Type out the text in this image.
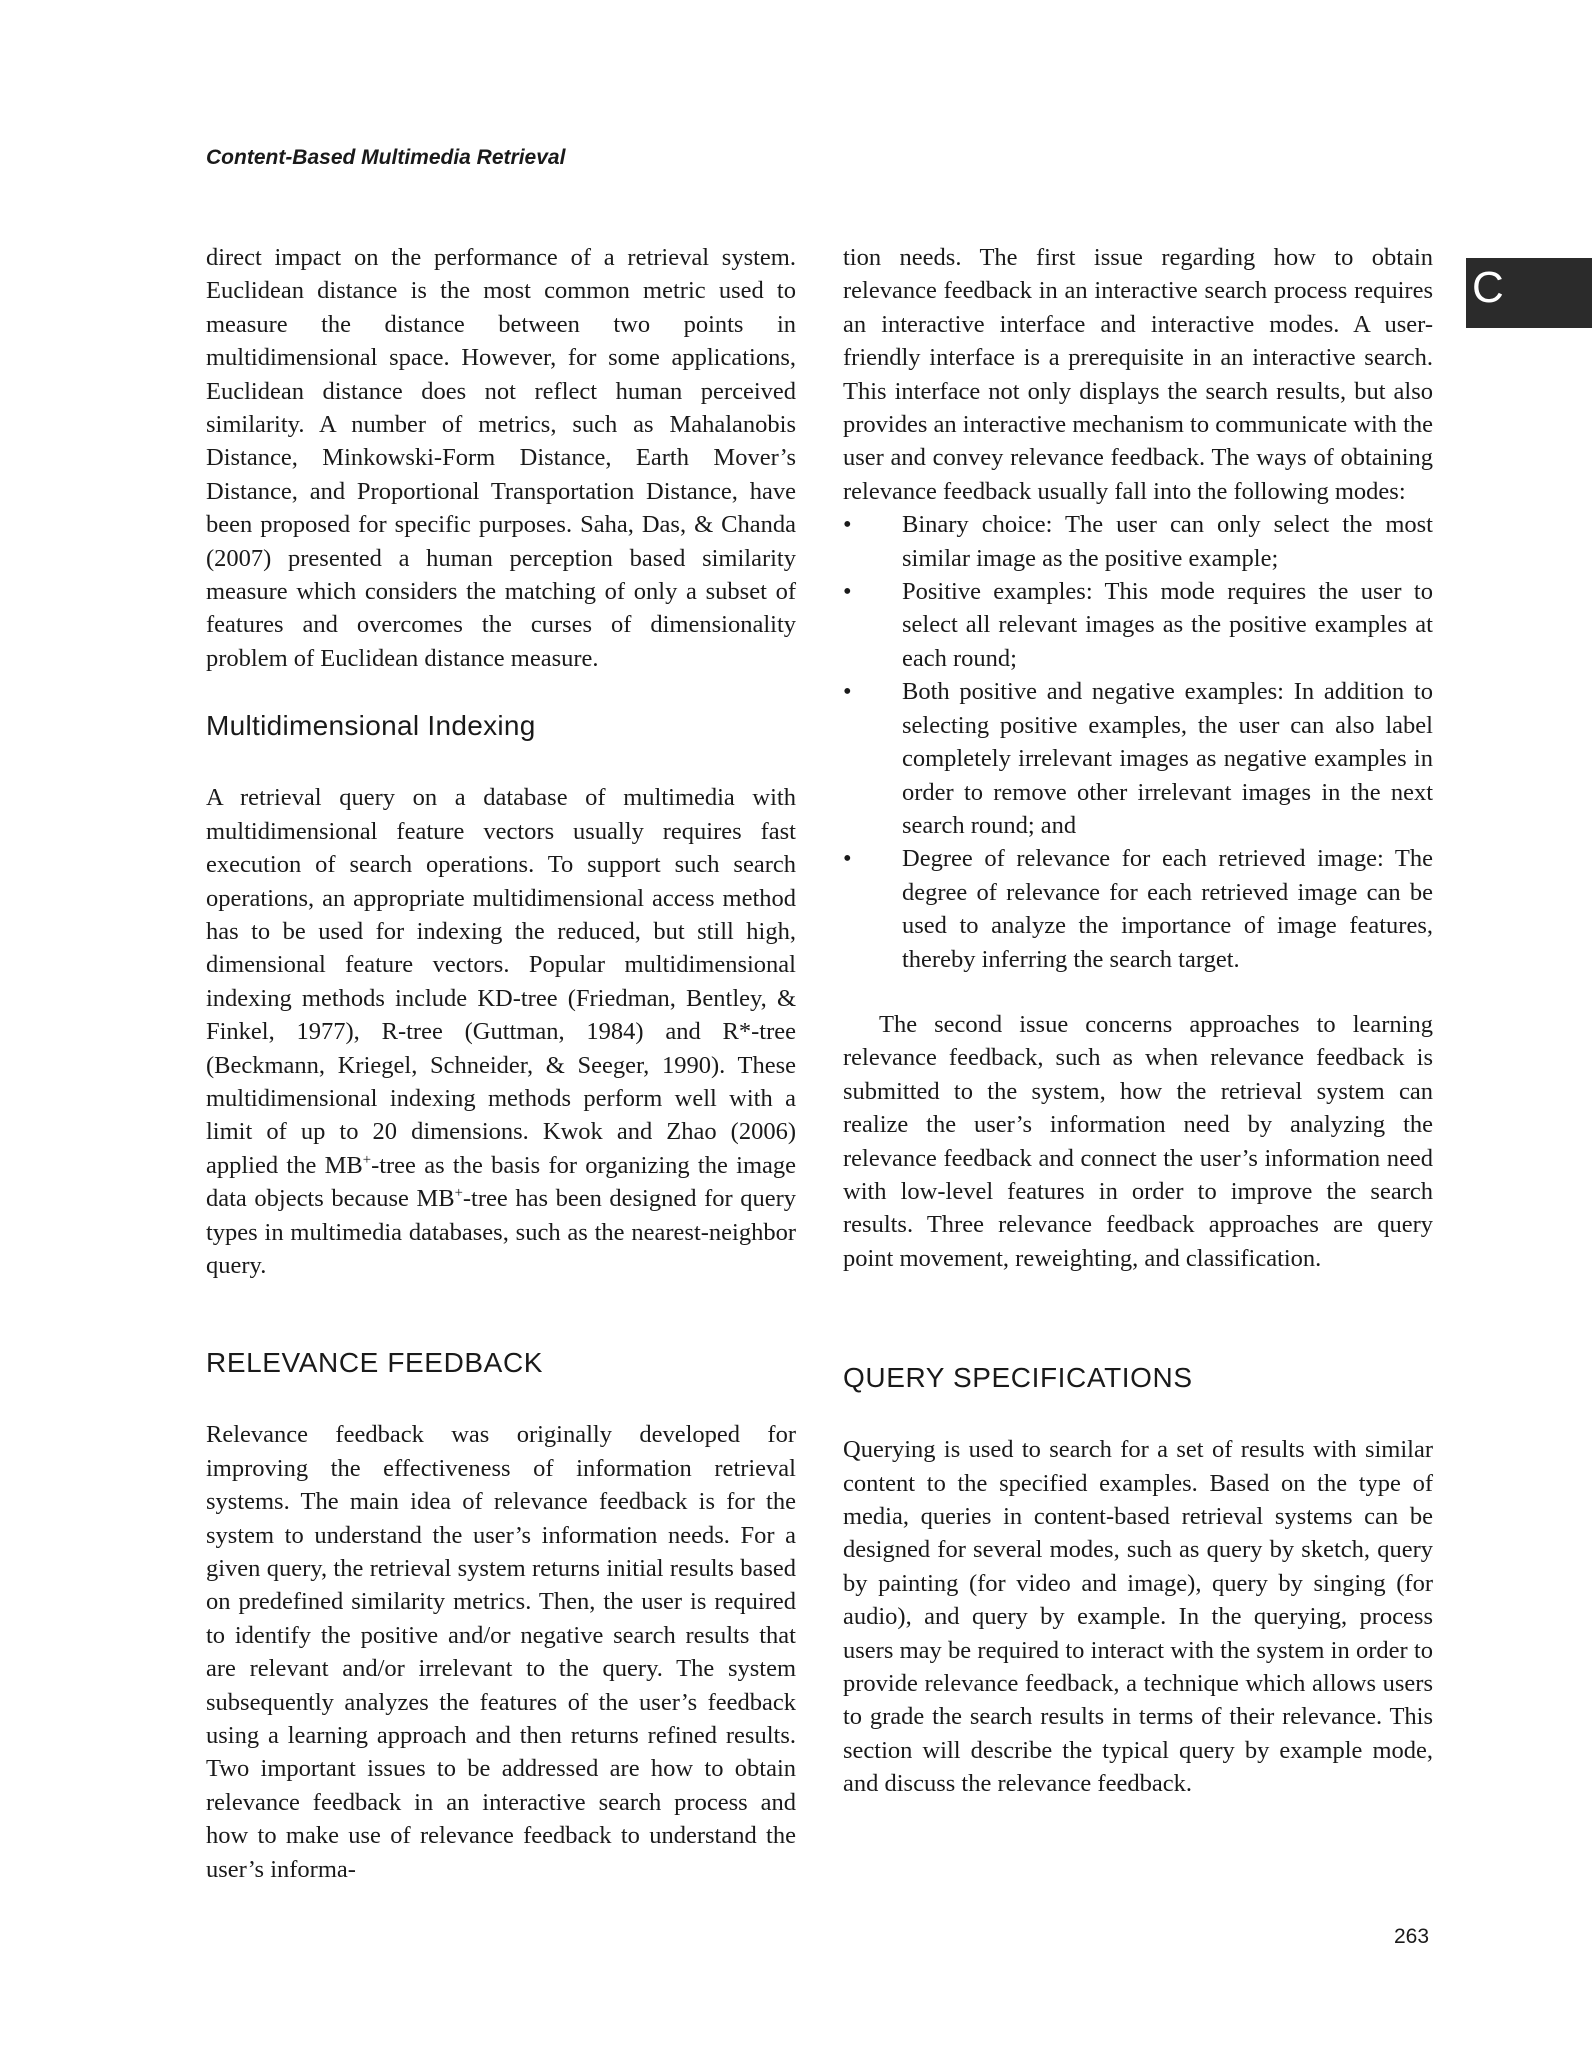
Content-Based Multimedia Retrieval
C

direct impact on the performance of a retrieval system. Euclidean distance is the most common metric used to measure the distance between two points in multidimensional space. However, for some applications, Euclidean distance does not reflect human perceived similarity. A number of metrics, such as Mahalanobis Distance, Minkowski-Form Distance, Earth Mover’s Distance, and Proportional Transportation Distance, have been proposed for specific purposes. Saha, Das, & Chanda (2007) presented a human perception based similarity measure which considers the matching of only a subset of features and overcomes the curses of dimensionality problem of Euclidean distance measure.

Multidimensional Indexing

A retrieval query on a database of multimedia with multidimensional feature vectors usually requires fast execution of search operations. To support such search operations, an appropriate multidimensional access method has to be used for indexing the reduced, but still high, dimensional feature vectors. Popular multidimensional indexing methods include KD-tree (Friedman, Bentley, & Finkel, 1977), R-tree (Guttman, 1984) and R*-tree (Beckmann, Kriegel, Schneider, & Seeger, 1990). These multidimensional indexing methods perform well with a limit of up to 20 dimensions. Kwok and Zhao (2006) applied the MB+-tree as the basis for organizing the image data objects because MB+-tree has been designed for query types in multimedia databases, such as the nearest-neighbor query.

RELEVANCE FEEDBACK

Relevance feedback was originally developed for improving the effectiveness of information retrieval systems. The main idea of relevance feedback is for the system to understand the user’s information needs. For a given query, the retrieval system returns initial results based on predefined similarity metrics. Then, the user is required to identify the positive and/or negative search results that are relevant and/or irrelevant to the query. The system subsequently analyzes the features of the user’s feedback using a learning approach and then returns refined results. Two important issues to be addressed are how to obtain relevance feedback in an interactive search process and how to make use of relevance feedback to understand the user’s informa-

tion needs. The first issue regarding how to obtain relevance feedback in an interactive search process requires an interactive interface and interactive modes. A user-friendly interface is a prerequisite in an interactive search. This interface not only displays the search results, but also provides an interactive mechanism to communicate with the user and convey relevance feedback. The ways of obtaining relevance feedback usually fall into the following modes:

• Binary choice: The user can only select the most similar image as the positive example;
• Positive examples: This mode requires the user to select all relevant images as the positive examples at each round;
• Both positive and negative examples: In addition to selecting positive examples, the user can also label completely irrelevant images as negative examples in order to remove other irrelevant images in the next search round; and
• Degree of relevance for each retrieved image: The degree of relevance for each retrieved image can be used to analyze the importance of image features, thereby inferring the search target.

The second issue concerns approaches to learning relevance feedback, such as when relevance feedback is submitted to the system, how the retrieval system can realize the user’s information need by analyzing the relevance feedback and connect the user’s information need with low-level features in order to improve the search results. Three relevance feedback approaches are query point movement, reweighting, and classification.

QUERY SPECIFICATIONS

Querying is used to search for a set of results with similar content to the specified examples. Based on the type of media, queries in content-based retrieval systems can be designed for several modes, such as query by sketch, query by painting (for video and image), query by singing (for audio), and query by example. In the querying, process users may be required to interact with the system in order to provide relevance feedback, a technique which allows users to grade the search results in terms of their relevance. This section will describe the typical query by example mode, and discuss the relevance feedback.

263
